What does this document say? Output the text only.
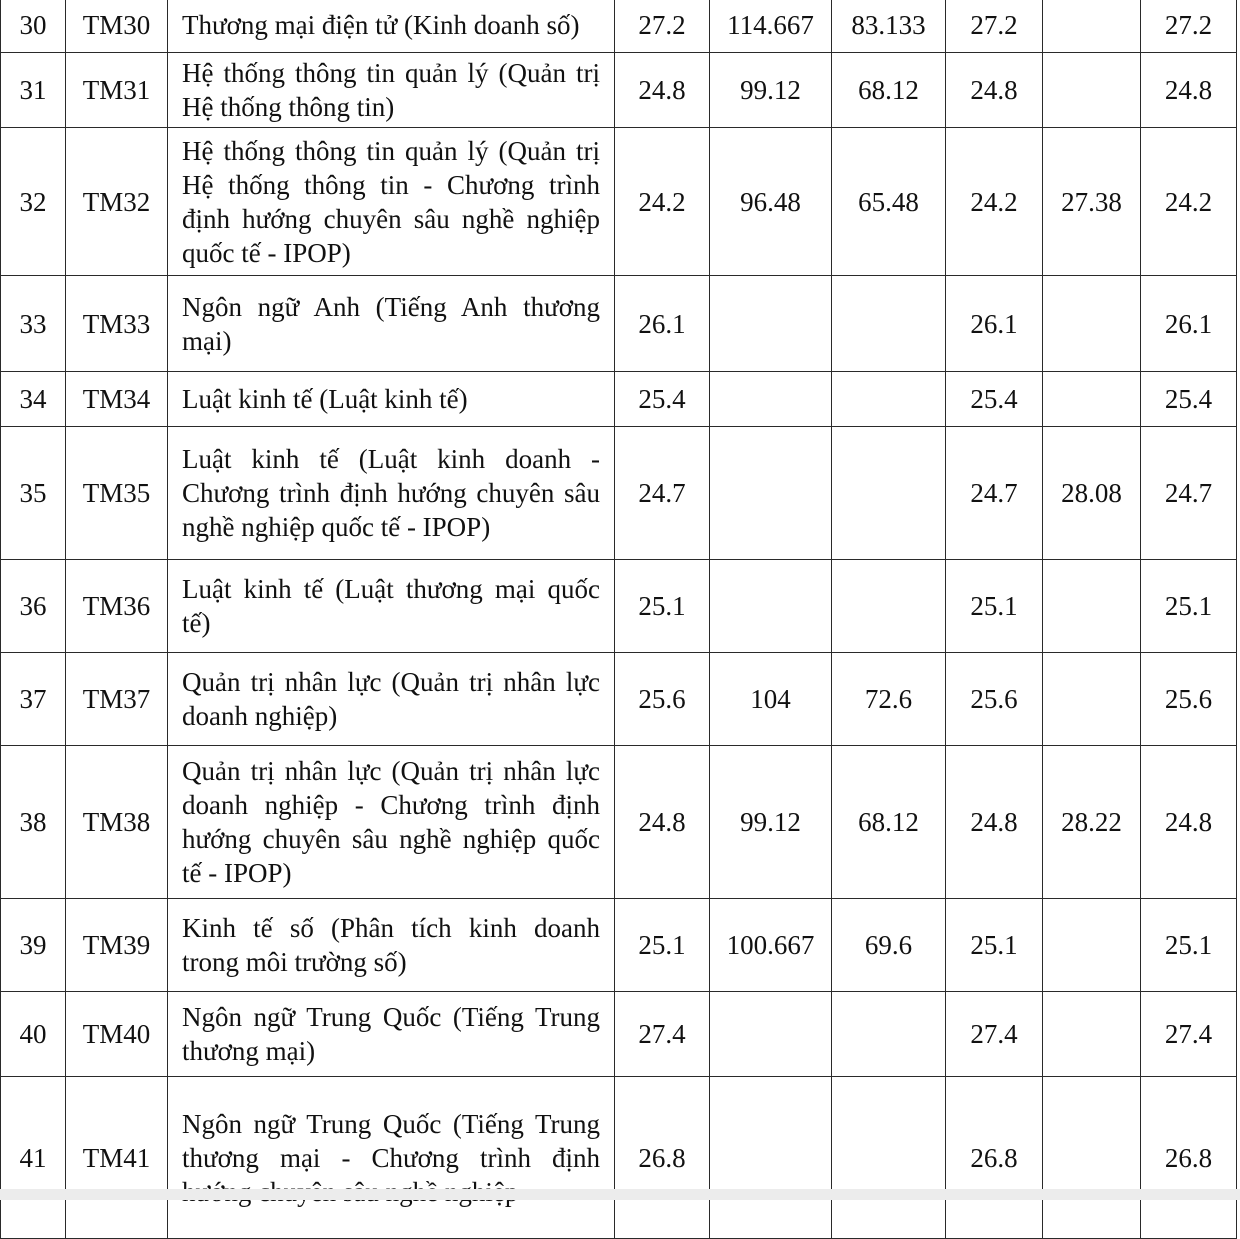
30	TM30	Thương mại điện tử (Kinh doanh số)	27.2	114.667	83.133	27.2		27.2
31	TM31	Hệ thống thông tin quản lý (Quản trị Hệ thống thông tin)	24.8	99.12	68.12	24.8		24.8
32	TM32	Hệ thống thông tin quản lý (Quản trị Hệ thống thông tin - Chương trình định hướng chuyên sâu nghề nghiệp quốc tế - IPOP)	24.2	96.48	65.48	24.2	27.38	24.2
33	TM33	Ngôn ngữ Anh (Tiếng Anh thương mại)	26.1			26.1		26.1
34	TM34	Luật kinh tế (Luật kinh tế)	25.4			25.4		25.4
35	TM35	Luật kinh tế (Luật kinh doanh - Chương trình định hướng chuyên sâu nghề nghiệp quốc tế - IPOP)	24.7			24.7	28.08	24.7
36	TM36	Luật kinh tế (Luật thương mại quốc tế)	25.1			25.1		25.1
37	TM37	Quản trị nhân lực (Quản trị nhân lực doanh nghiệp)	25.6	104	72.6	25.6		25.6
38	TM38	Quản trị nhân lực (Quản trị nhân lực doanh nghiệp - Chương trình định hướng chuyên sâu nghề nghiệp quốc tế - IPOP)	24.8	99.12	68.12	24.8	28.22	24.8
39	TM39	Kinh tế số (Phân tích kinh doanh trong môi trường số)	25.1	100.667	69.6	25.1		25.1
40	TM40	Ngôn ngữ Trung Quốc (Tiếng Trung thương mại)	27.4			27.4		27.4
41	TM41	Ngôn ngữ Trung Quốc (Tiếng Trung thương mại - Chương trình định	26.8			26.8		26.8
